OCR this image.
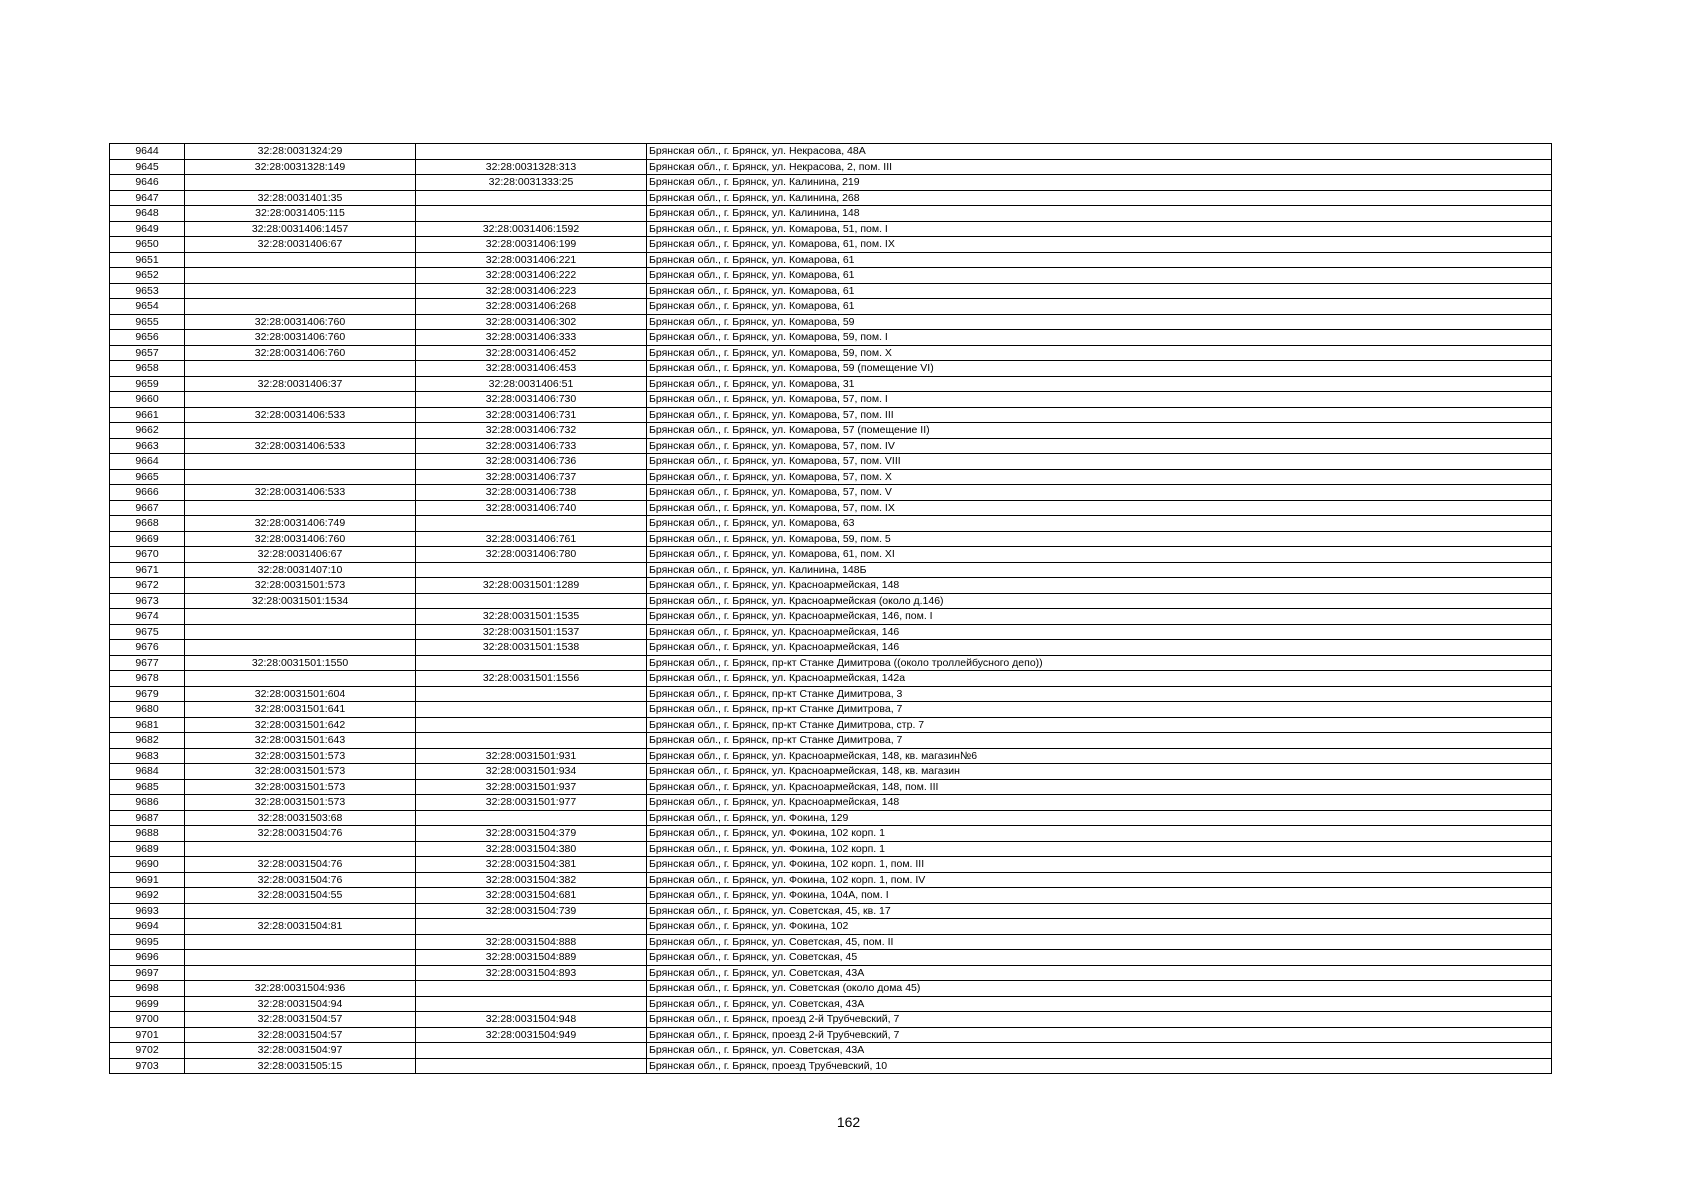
9644	32:28:0031324:29		Брянская обл., г. Брянск, ул. Некрасова, 48А
9645	32:28:0031328:149	32:28:0031328:313	Брянская обл., г. Брянск, ул. Некрасова, 2, пом. III
9646		32:28:0031333:25	Брянская обл., г. Брянск, ул. Калинина, 219
9647	32:28:0031401:35		Брянская обл., г. Брянск, ул. Калинина, 268
9648	32:28:0031405:115		Брянская обл., г. Брянск, ул. Калинина, 148
9649	32:28:0031406:1457	32:28:0031406:1592	Брянская обл., г. Брянск, ул. Комарова, 51, пом. I
9650	32:28:0031406:67	32:28:0031406:199	Брянская обл., г. Брянск, ул. Комарова, 61, пом. IX
9651		32:28:0031406:221	Брянская обл., г. Брянск, ул. Комарова, 61
9652		32:28:0031406:222	Брянская обл., г. Брянск, ул. Комарова, 61
9653		32:28:0031406:223	Брянская обл., г. Брянск, ул. Комарова, 61
9654		32:28:0031406:268	Брянская обл., г. Брянск, ул. Комарова, 61
9655	32:28:0031406:760	32:28:0031406:302	Брянская обл., г. Брянск, ул. Комарова, 59
9656	32:28:0031406:760	32:28:0031406:333	Брянская обл., г. Брянск, ул. Комарова, 59, пом. I
9657	32:28:0031406:760	32:28:0031406:452	Брянская обл., г. Брянск, ул. Комарова, 59, пом. X
9658		32:28:0031406:453	Брянская обл., г. Брянск, ул. Комарова, 59 (помещение VI)
9659	32:28:0031406:37	32:28:0031406:51	Брянская обл., г. Брянск, ул. Комарова, 31
9660		32:28:0031406:730	Брянская обл., г. Брянск, ул. Комарова, 57, пом. I
9661	32:28:0031406:533	32:28:0031406:731	Брянская обл., г. Брянск, ул. Комарова, 57, пом. III
9662		32:28:0031406:732	Брянская обл., г. Брянск, ул. Комарова, 57 (помещение II)
9663	32:28:0031406:533	32:28:0031406:733	Брянская обл., г. Брянск, ул. Комарова, 57, пом. IV
9664		32:28:0031406:736	Брянская обл., г. Брянск, ул. Комарова, 57, пом. VIII
9665		32:28:0031406:737	Брянская обл., г. Брянск, ул. Комарова, 57, пом. X
9666	32:28:0031406:533	32:28:0031406:738	Брянская обл., г. Брянск, ул. Комарова, 57, пом. V
9667		32:28:0031406:740	Брянская обл., г. Брянск, ул. Комарова, 57, пом. IX
9668	32:28:0031406:749		Брянская обл., г. Брянск, ул. Комарова, 63
9669	32:28:0031406:760	32:28:0031406:761	Брянская обл., г. Брянск, ул. Комарова, 59, пом. 5
9670	32:28:0031406:67	32:28:0031406:780	Брянская обл., г. Брянск, ул. Комарова, 61, пом. XI
9671	32:28:0031407:10		Брянская обл., г. Брянск, ул. Калинина, 148Б
9672	32:28:0031501:573	32:28:0031501:1289	Брянская обл., г. Брянск, ул. Красноармейская, 148
9673	32:28:0031501:1534		Брянская обл., г. Брянск, ул. Красноармейская (около д.146)
9674		32:28:0031501:1535	Брянская обл., г. Брянск, ул. Красноармейская, 146, пом. I
9675		32:28:0031501:1537	Брянская обл., г. Брянск, ул. Красноармейская, 146
9676		32:28:0031501:1538	Брянская обл., г. Брянск, ул. Красноармейская, 146
9677	32:28:0031501:1550		Брянская обл., г. Брянск, пр-кт Станке Димитрова ((около троллейбусного депо))
9678		32:28:0031501:1556	Брянская обл., г. Брянск, ул. Красноармейская, 142а
9679	32:28:0031501:604		Брянская обл., г. Брянск, пр-кт Станке Димитрова, 3
9680	32:28:0031501:641		Брянская обл., г. Брянск, пр-кт Станке Димитрова, 7
9681	32:28:0031501:642		Брянская обл., г. Брянск, пр-кт Станке Димитрова, стр. 7
9682	32:28:0031501:643		Брянская обл., г. Брянск, пр-кт Станке Димитрова, 7
9683	32:28:0031501:573	32:28:0031501:931	Брянская обл., г. Брянск, ул. Красноармейская, 148, кв. магазин№6
9684	32:28:0031501:573	32:28:0031501:934	Брянская обл., г. Брянск, ул. Красноармейская, 148, кв. магазин
9685	32:28:0031501:573	32:28:0031501:937	Брянская обл., г. Брянск, ул. Красноармейская, 148, пом. III
9686	32:28:0031501:573	32:28:0031501:977	Брянская обл., г. Брянск, ул. Красноармейская, 148
9687	32:28:0031503:68		Брянская обл., г. Брянск, ул. Фокина, 129
9688	32:28:0031504:76	32:28:0031504:379	Брянская обл., г. Брянск, ул. Фокина, 102 корп. 1
9689		32:28:0031504:380	Брянская обл., г. Брянск, ул. Фокина, 102 корп. 1
9690	32:28:0031504:76	32:28:0031504:381	Брянская обл., г. Брянск, ул. Фокина, 102 корп. 1, пом. III
9691	32:28:0031504:76	32:28:0031504:382	Брянская обл., г. Брянск, ул. Фокина, 102 корп. 1, пом. IV
9692	32:28:0031504:55	32:28:0031504:681	Брянская обл., г. Брянск, ул. Фокина, 104А, пом. I
9693		32:28:0031504:739	Брянская обл., г. Брянск, ул. Советская, 45, кв. 17
9694	32:28:0031504:81		Брянская обл., г. Брянск, ул. Фокина, 102
9695		32:28:0031504:888	Брянская обл., г. Брянск, ул. Советская, 45, пом. II
9696		32:28:0031504:889	Брянская обл., г. Брянск, ул. Советская, 45
9697		32:28:0031504:893	Брянская обл., г. Брянск, ул. Советская, 43А
9698	32:28:0031504:936		Брянская обл., г. Брянск, ул. Советская (около дома 45)
9699	32:28:0031504:94		Брянская обл., г. Брянск, ул. Советская, 43А
9700	32:28:0031504:57	32:28:0031504:948	Брянская обл., г. Брянск, проезд 2-й Трубчевский, 7
9701	32:28:0031504:57	32:28:0031504:949	Брянская обл., г. Брянск, проезд 2-й Трубчевский, 7
9702	32:28:0031504:97		Брянская обл., г. Брянск, ул. Советская, 43А
9703	32:28:0031505:15		Брянская обл., г. Брянск, проезд Трубчевский, 10
162
